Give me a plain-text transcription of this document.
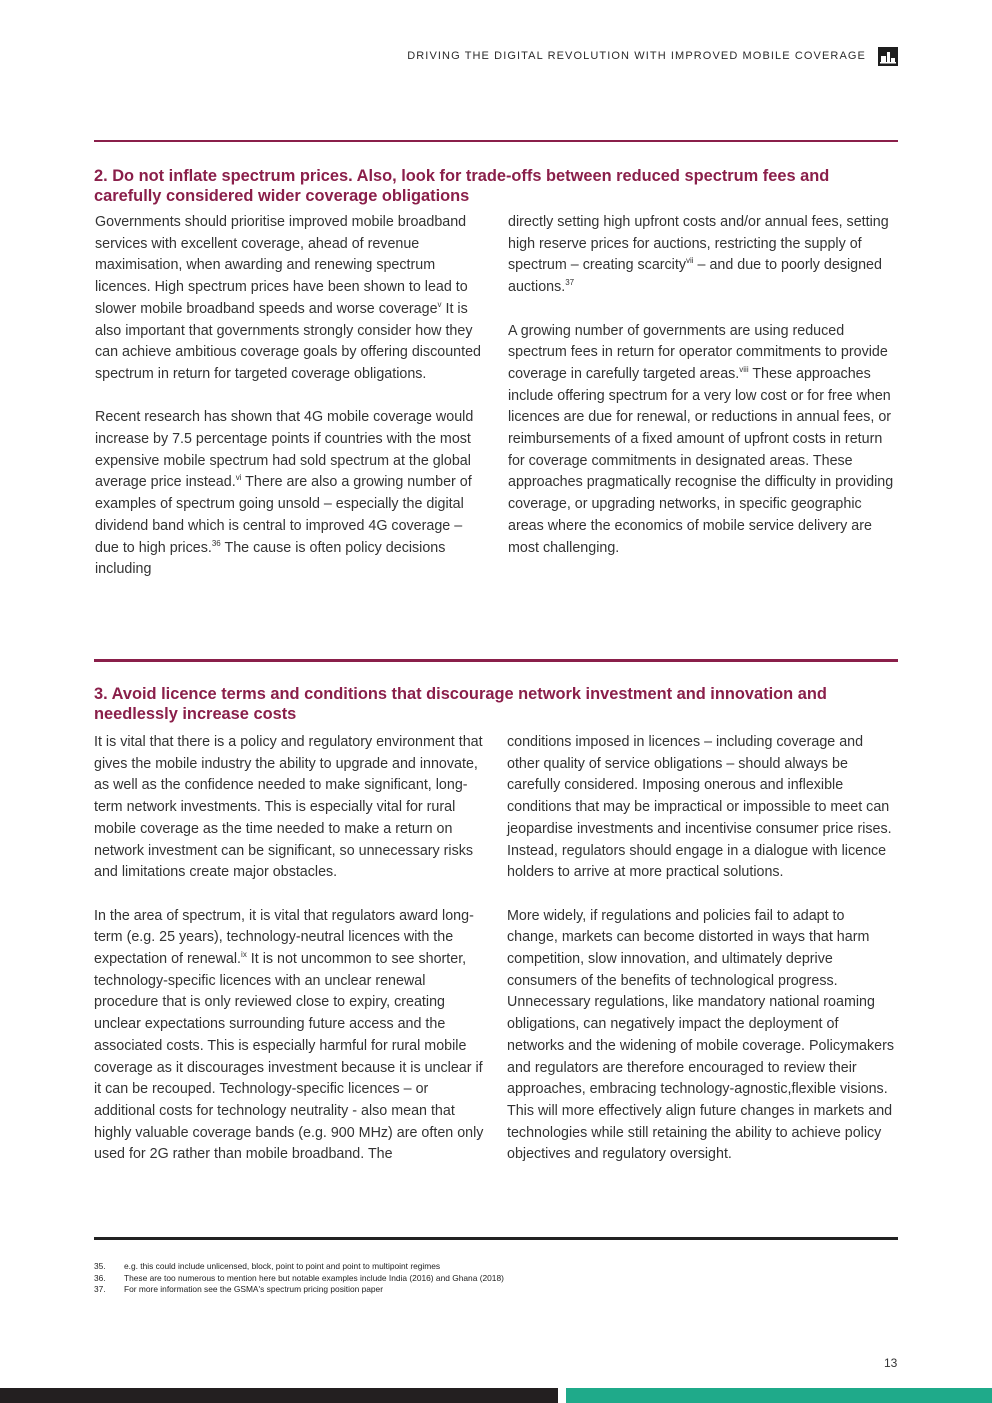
DRIVING THE DIGITAL REVOLUTION WITH IMPROVED MOBILE COVERAGE
2. Do not inflate spectrum prices. Also, look for trade-offs between reduced spectrum fees and carefully considered wider coverage obligations

Governments should prioritise improved mobile broadband services with excellent coverage, ahead of revenue maximisation, when awarding and renewing spectrum licences. High spectrum prices have been shown to lead to slower mobile broadband speeds and worse coverage$^v$ It is also important that governments strongly consider how they can achieve ambitious coverage goals by offering discounted spectrum in return for targeted coverage obligations.

Recent research has shown that 4G mobile coverage would increase by 7.5 percentage points if countries with the most expensive mobile spectrum had sold spectrum at the global average price instead.$^{vi}$ There are also a growing number of examples of spectrum going unsold – especially the digital dividend band which is central to improved 4G coverage – due to high prices.$^{36}$ The cause is often policy decisions including

directly setting high upfront costs and/or annual fees, setting high reserve prices for auctions, restricting the supply of spectrum – creating scarcity$^{vii}$ – and due to poorly designed auctions.$^{37}$

A growing number of governments are using reduced spectrum fees in return for operator commitments to provide coverage in carefully targeted areas.$^{viii}$ These approaches include offering spectrum for a very low cost or for free when licences are due for renewal, or reductions in annual fees, or reimbursements of a fixed amount of upfront costs in return for coverage commitments in designated areas. These approaches pragmatically recognise the difficulty in providing coverage, or upgrading networks, in specific geographic areas where the economics of mobile service delivery are most challenging.

3. Avoid licence terms and conditions that discourage network investment and innovation and needlessly increase costs

It is vital that there is a policy and regulatory environment that gives the mobile industry the ability to upgrade and innovate, as well as the confidence needed to make significant, long-term network investments. This is especially vital for rural mobile coverage as the time needed to make a return on network investment can be significant, so unnecessary risks and limitations create major obstacles.

In the area of spectrum, it is vital that regulators award long-term (e.g. 25 years), technology-neutral licences with the expectation of renewal.$^{ix}$ It is not uncommon to see shorter, technology-specific licences with an unclear renewal procedure that is only reviewed close to expiry, creating unclear expectations surrounding future access and the associated costs. This is especially harmful for rural mobile coverage as it discourages investment because it is unclear if it can be recouped. Technology-specific licences – or additional costs for technology neutrality - also mean that highly valuable coverage bands (e.g. 900 MHz) are often only used for 2G rather than mobile broadband. The

conditions imposed in licences – including coverage and other quality of service obligations – should always be carefully considered. Imposing onerous and inflexible conditions that may be impractical or impossible to meet can jeopardise investments and incentivise consumer price rises. Instead, regulators should engage in a dialogue with licence holders to arrive at more practical solutions.

More widely, if regulations and policies fail to adapt to change, markets can become distorted in ways that harm competition, slow innovation, and ultimately deprive consumers of the benefits of technological progress. Unnecessary regulations, like mandatory national roaming obligations, can negatively impact the deployment of networks and the widening of mobile coverage. Policymakers and regulators are therefore encouraged to review their approaches, embracing technology-agnostic,flexible visions. This will more effectively align future changes in markets and technologies while still retaining the ability to achieve policy objectives and regulatory oversight.

35.	e.g. this could include unlicensed, block, point to point and point to multipoint regimes
36.	These are too numerous to mention here but notable examples include India (2016) and Ghana (2018)
37.	For more information see the GSMA's spectrum pricing position paper
13
